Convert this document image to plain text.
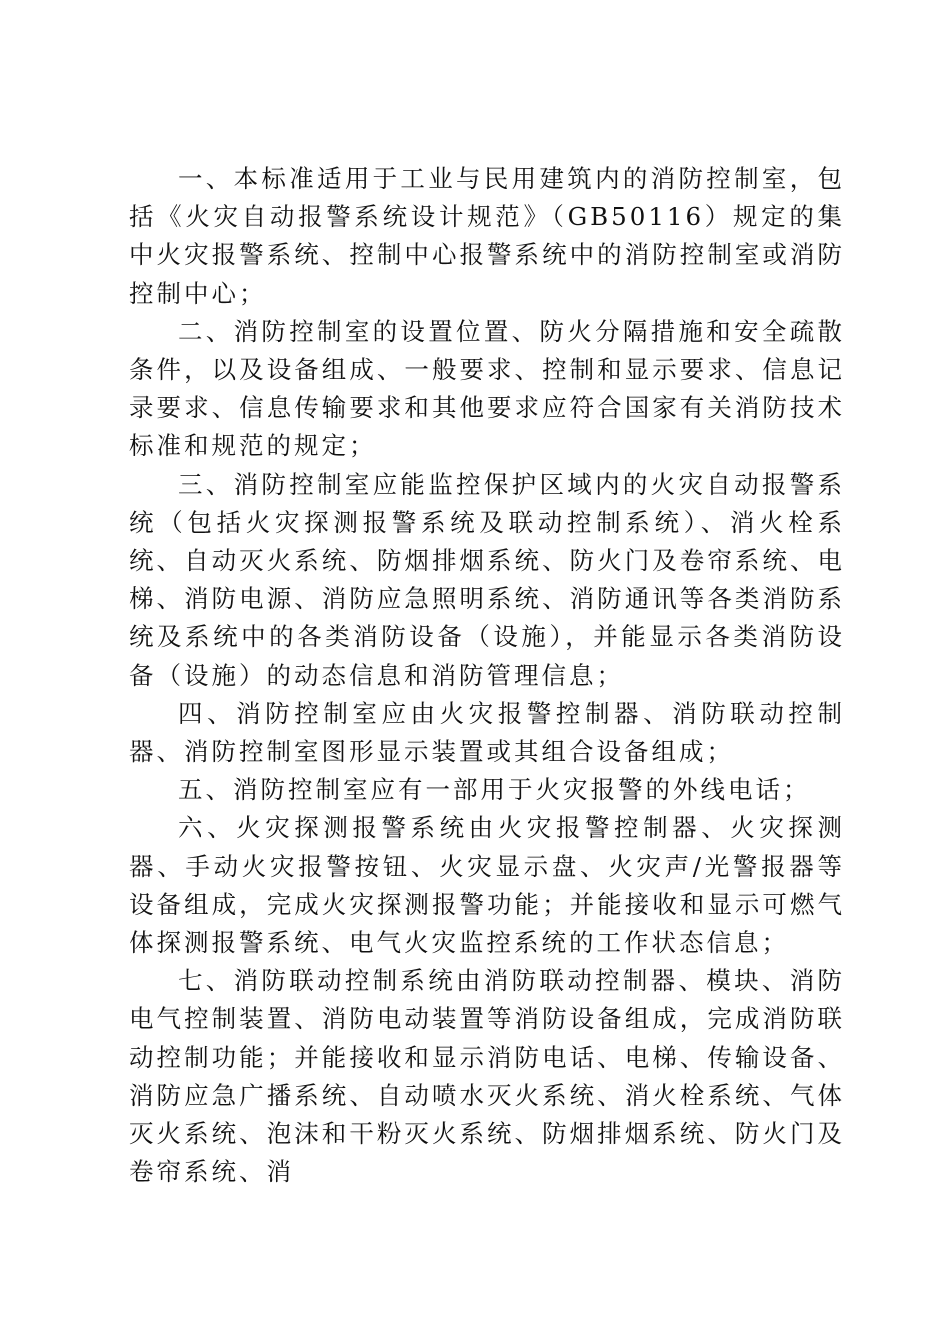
一、本标准适用于工业与民用建筑内的消防控制室，包括《火灾自动报警系统设计规范》（GB50116）规定的集中火灾报警系统、控制中心报警系统中的消防控制室或消防控制中心；

二、消防控制室的设置位置、防火分隔措施和安全疏散条件，以及设备组成、一般要求、控制和显示要求、信息记录要求、信息传输要求和其他要求应符合国家有关消防技术标准和规范的规定；

三、消防控制室应能监控保护区域内的火灾自动报警系统（包括火灾探测报警系统及联动控制系统）、消火栓系统、自动灭火系统、防烟排烟系统、防火门及卷帘系统、电梯、消防电源、消防应急照明系统、消防通讯等各类消防系统及系统中的各类消防设备（设施），并能显示各类消防设备（设施）的动态信息和消防管理信息；

四、消防控制室应由火灾报警控制器、消防联动控制器、消防控制室图形显示装置或其组合设备组成；

五、消防控制室应有一部用于火灾报警的外线电话；

六、火灾探测报警系统由火灾报警控制器、火灾探测器、手动火灾报警按钮、火灾显示盘、火灾声/光警报器等设备组成，完成火灾探测报警功能；并能接收和显示可燃气体探测报警系统、电气火灾监控系统的工作状态信息；

七、消防联动控制系统由消防联动控制器、模块、消防电气控制装置、消防电动装置等消防设备组成，完成消防联动控制功能；并能接收和显示消防电话、电梯、传输设备、消防应急广播系统、自动喷水灭火系统、消火栓系统、气体灭火系统、泡沫和干粉灭火系统、防烟排烟系统、防火门及卷帘系统、消
